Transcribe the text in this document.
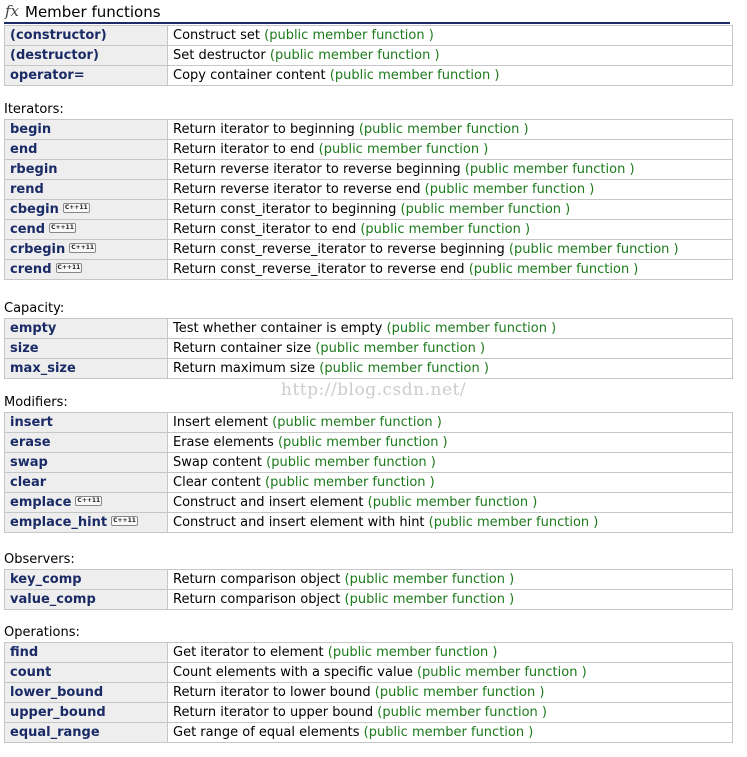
fx Member functions
(constructor)	Construct set (public member function )
(destructor)	Set destructor (public member function )
operator=	Copy container content (public member function )
Iterators:
begin	Return iterator to beginning (public member function )
end	Return iterator to end (public member function )
rbegin	Return reverse iterator to reverse beginning (public member function )
rend	Return reverse iterator to reverse end (public member function )
cbegin C++11	Return const_iterator to beginning (public member function )
cend C++11	Return const_iterator to end (public member function )
crbegin C++11	Return const_reverse_iterator to reverse beginning (public member function )
crend C++11	Return const_reverse_iterator to reverse end (public member function )
Capacity:
empty	Test whether container is empty (public member function )
size	Return container size (public member function )
max_size	Return maximum size (public member function )
Modifiers:
insert	Insert element (public member function )
erase	Erase elements (public member function )
swap	Swap content (public member function )
clear	Clear content (public member function )
emplace C++11	Construct and insert element (public member function )
emplace_hint C++11	Construct and insert element with hint (public member function )
Observers:
key_comp	Return comparison object (public member function )
value_comp	Return comparison object (public member function )
Operations:
find	Get iterator to element (public member function )
count	Count elements with a specific value (public member function )
lower_bound	Return iterator to lower bound (public member function )
upper_bound	Return iterator to upper bound (public member function )
equal_range	Get range of equal elements (public member function )
http://blog.csdn.net/
